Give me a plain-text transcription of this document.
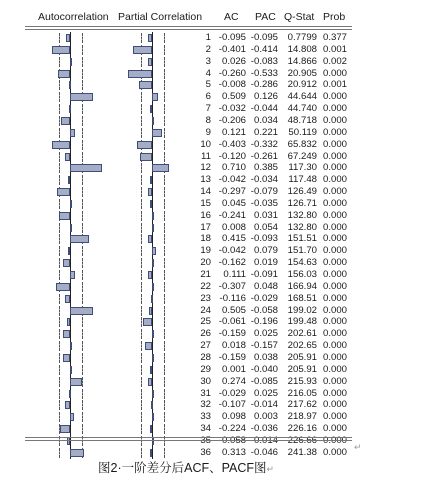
Autocorrelation Partial Correlation AC PAC Q-Stat Prob
1 -0.095 -0.095	0.7799 0.377
2 -0.401 -0.414	14.808 0.001
3	0.026 -0.083	14.866 0.002
4 -0.260 -0.533	20.905 0.000
5 -0.008 -0.286	20.912 0.001
6	0.509 0.126	44.644 0.000
7 -0.032 -0.044	44.740 0.000
8 -0.206 0.034	48.718 0.000
9	0.121 0.221	50.119 0.000
10 -0.403 -0.332	65.832 0.000
11 -0.120 -0.261	67.249 0.000
12	0.710 0.385	117.30 0.000
13 -0.042 -0.034	117.48 0.000
14 -0.297 -0.079	126.49 0.000
15	0.045 -0.035	126.71 0.000
16 -0.241 0.031	132.80 0.000
17	0.008 0.054	132.80 0.000
18	0.415 -0.093	151.51 0.000
19 -0.042 0.079	151.70 0.000
20 -0.162 0.019	154.63 0.000
21	0.111 -0.091	156.03 0.000
22 -0.307 0.048	166.94 0.000
23 -0.116 -0.029	168.51 0.000
24	0.505 -0.058	199.02 0.000
25 -0.061 -0.196	199.48 0.000
26 -0.159 0.025	202.61 0.000
27	0.018 -0.157	202.65 0.000
28 -0.159 0.038	205.91 0.000
29	0.001 -0.040	205.91 0.000
30	0.274 -0.085	215.93 0.000
31 -0.029 0.025	216.05 0.000
32 -0.107 -0.014	217.62 0.000
33	0.098 0.003	218.97 0.000
34 -0.224 -0.036	226.16 0.000
35 -0.058 0.014	226.66 0.000
36	0.313 -0.046	241.38 0.000 ↵
图2·一阶差分后ACF、PACF图↵
